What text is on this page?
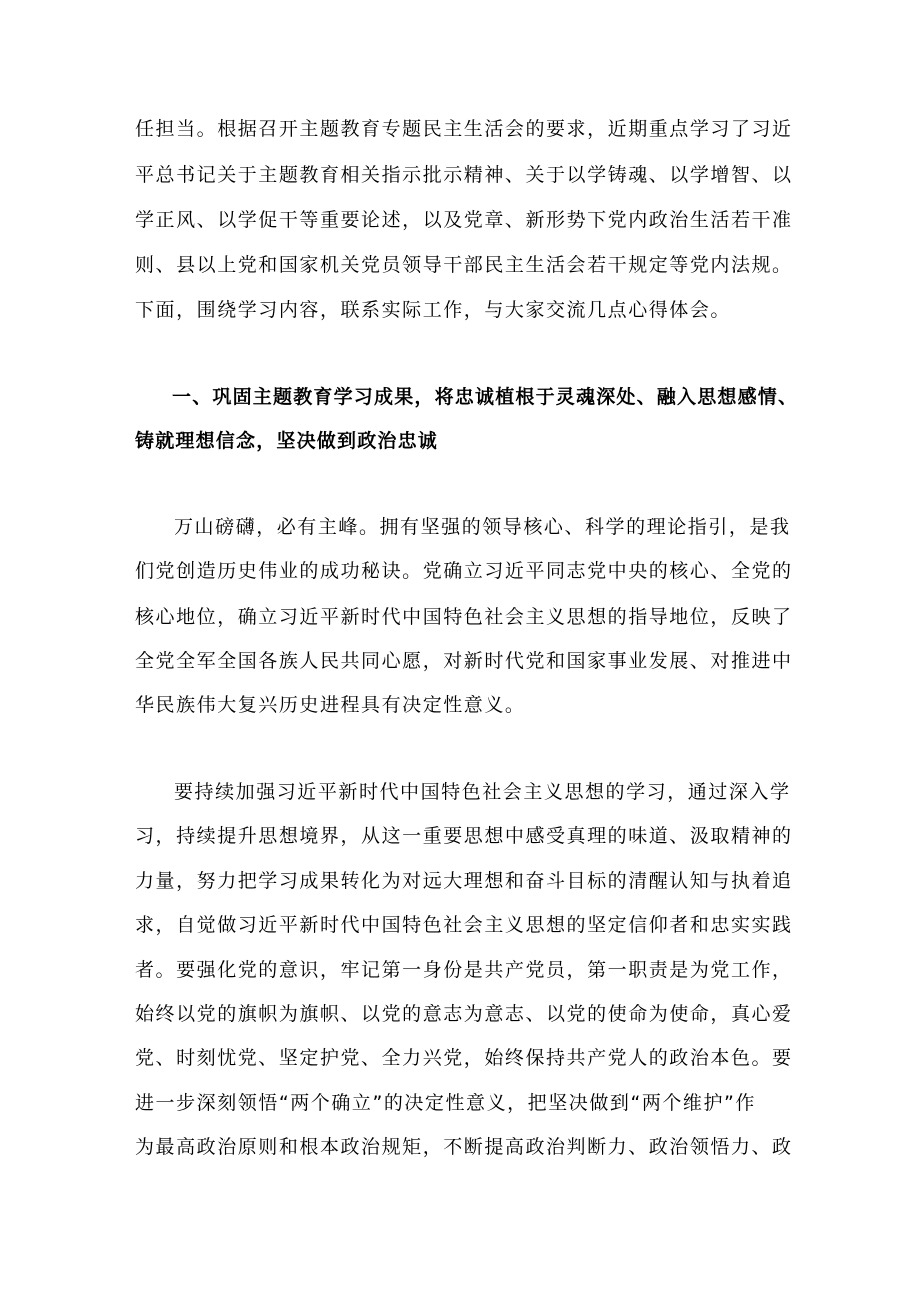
任担当。根据召开主题教育专题民主生活会的要求，近期重点学习了习近
平总书记关于主题教育相关指示批示精神、关于以学铸魂、以学增智、以
学正风、以学促干等重要论述，以及党章、新形势下党内政治生活若干准
则、县以上党和国家机关党员领导干部民主生活会若干规定等党内法规。
下面，围绕学习内容，联系实际工作，与大家交流几点心得体会。
一、巩固主题教育学习成果，将忠诚植根于灵魂深处、融入思想感情、
铸就理想信念，坚决做到政治忠诚
万山磅礴，必有主峰。拥有坚强的领导核心、科学的理论指引，是我
们党创造历史伟业的成功秘诀。党确立习近平同志党中央的核心、全党的
核心地位，确立习近平新时代中国特色社会主义思想的指导地位，反映了
全党全军全国各族人民共同心愿，对新时代党和国家事业发展、对推进中
华民族伟大复兴历史进程具有决定性意义。
要持续加强习近平新时代中国特色社会主义思想的学习，通过深入学
习，持续提升思想境界，从这一重要思想中感受真理的味道、汲取精神的
力量，努力把学习成果转化为对远大理想和奋斗目标的清醒认知与执着追
求，自觉做习近平新时代中国特色社会主义思想的坚定信仰者和忠实实践
者。要强化党的意识，牢记第一身份是共产党员，第一职责是为党工作，
始终以党的旗帜为旗帜、以党的意志为意志、以党的使命为使命，真心爱
党、时刻忧党、坚定护党、全力兴党，始终保持共产党人的政治本色。要
进一步深刻领悟“两个确立”的决定性意义，把坚决做到“两个维护”作
为最高政治原则和根本政治规矩，不断提高政治判断力、政治领悟力、政
